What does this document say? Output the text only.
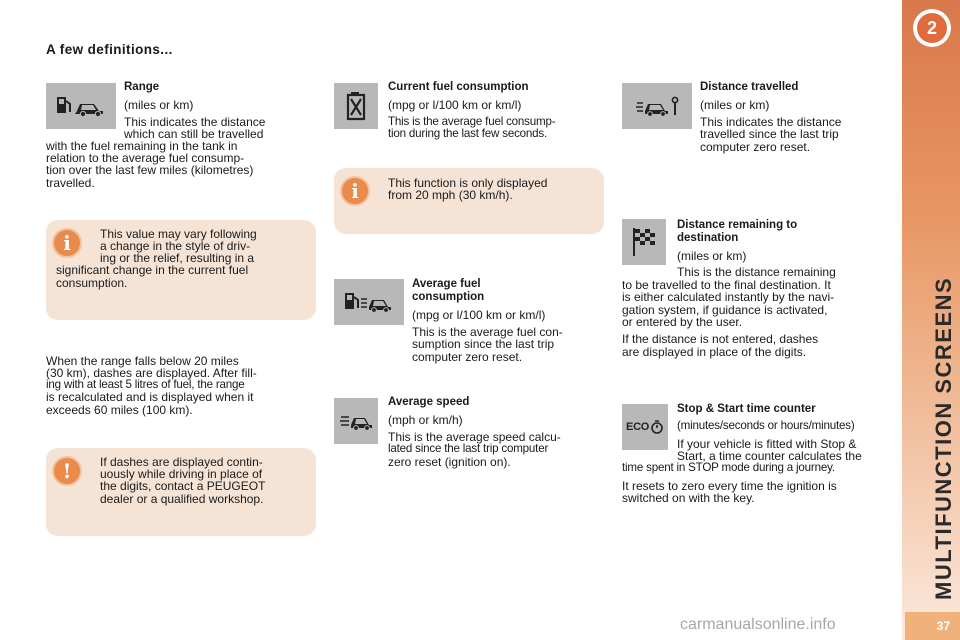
A few definitions...
Range
(miles or km)
This indicates the distance
which can still be travelled
with the fuel remaining in the tank in
relation to the average fuel consump-
tion over the last few miles (kilometres)
travelled.
i	This value may vary following
a change in the style of driv-
ing or the relief, resulting in a
significant change in the current fuel
consumption.
When the range falls below 20 miles
(30 km), dashes are displayed. After fill-
ing with at least 5 litres of fuel, the range
is recalculated and is displayed when it
exceeds 60 miles (100 km).
!	If dashes are displayed contin-
uously while driving in place of
the digits, contact a PEUGEOT
dealer or a qualified workshop.
Current fuel consumption
(mpg or l/100 km or km/l)
This is the average fuel consump-
tion during the last few seconds.
i	This function is only displayed
from 20 mph (30 km/h).
Average fuel
consumption
(mpg or l/100 km or km/l)
This is the average fuel con-
sumption since the last trip
computer zero reset.
Average speed
(mph or km/h)
This is the average speed calcu-
lated since the last trip computer
zero reset (ignition on).
Distance travelled
(miles or km)
This indicates the distance
travelled since the last trip
computer zero reset.
Distance remaining to
destination
(miles or km)
This is the distance remaining
to be travelled to the final destination. It
is either calculated instantly by the navi-
gation system, if guidance is activated,
or entered by the user.
If the distance is not entered, dashes
are displayed in place of the digits.
ECO
Stop & Start time counter
(minutes/seconds or hours/minutes)
If your vehicle is fitted with Stop &
Start, a time counter calculates the
time spent in STOP mode during a journey.
It resets to zero every time the ignition is
switched on with the key.
2
MULTIFUNCTION SCREENS
37
carmanualsonline.info
